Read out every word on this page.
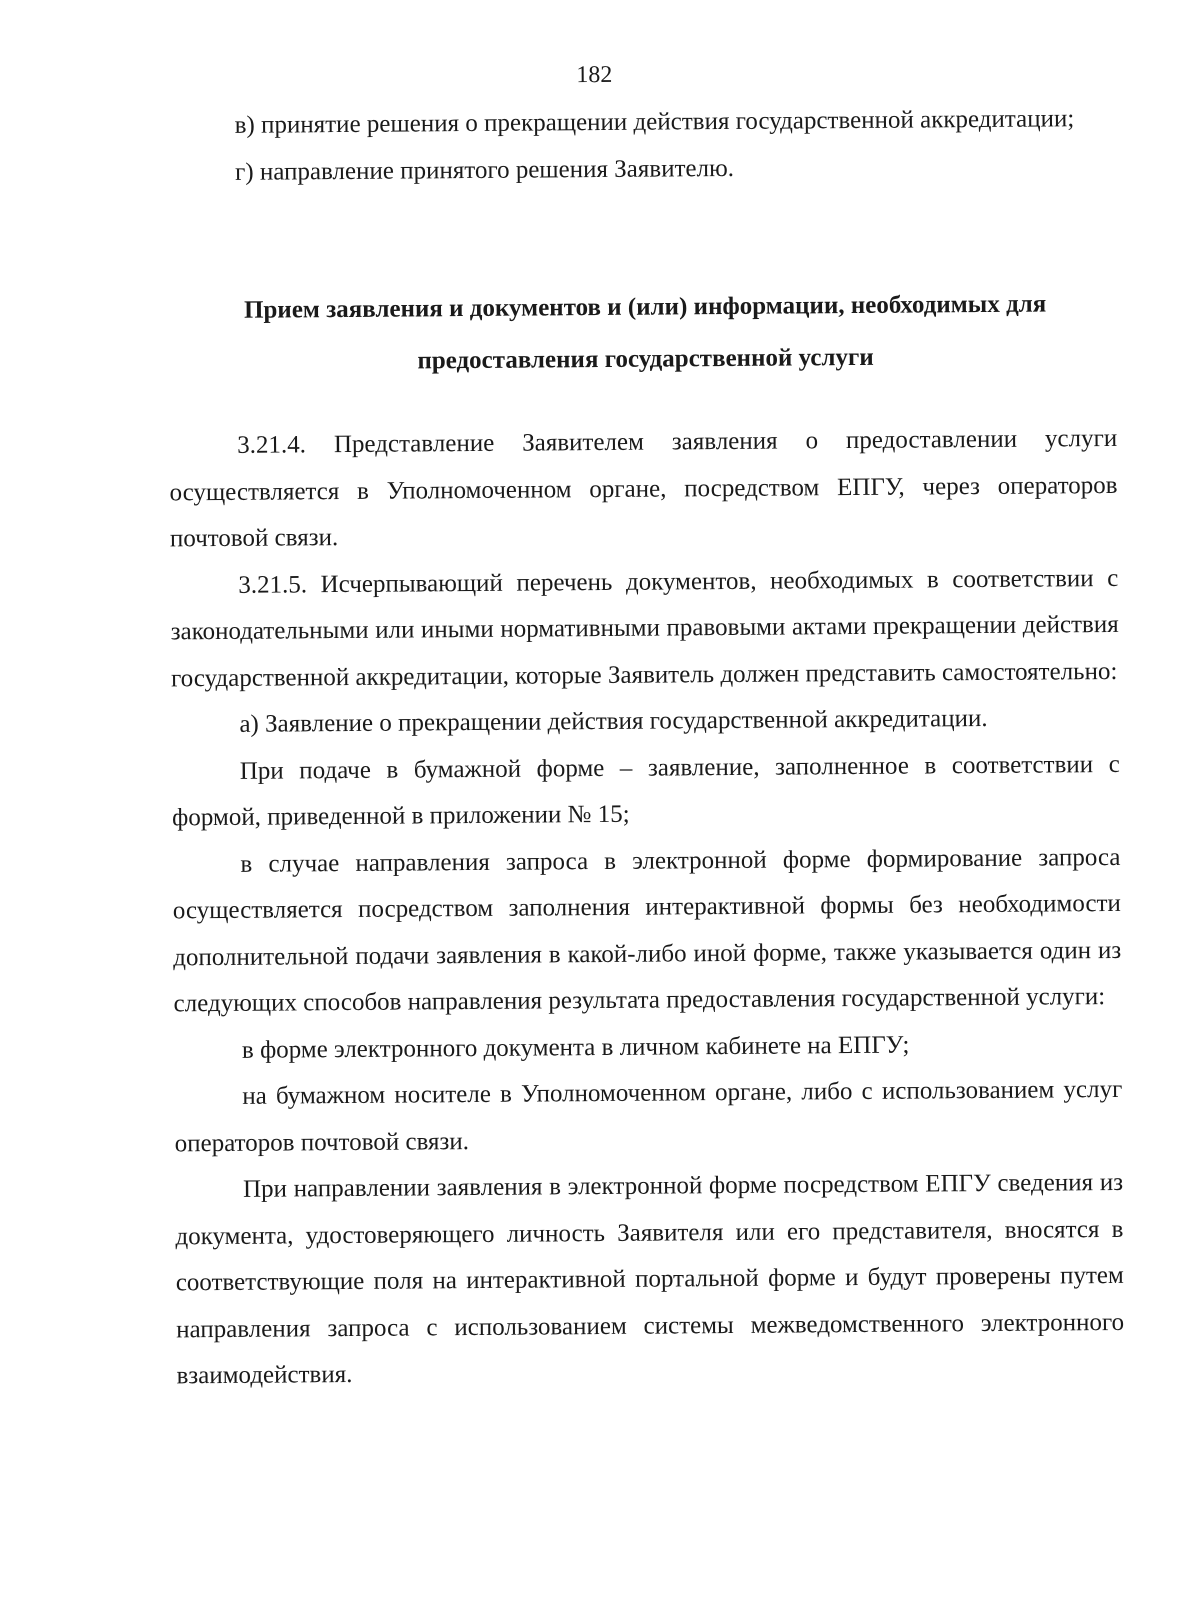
182

в) принятие решения о прекращении действия государственной аккредитации;

г) направление принятого решения Заявителю.

Прием заявления и документов и (или) информации, необходимых для
предоставления государственной услуги

3.21.4. Представление Заявителем заявления о предоставлении услуги осуществляется в Уполномоченном органе, посредством ЕПГУ, через операторов почтовой связи.

3.21.5. Исчерпывающий перечень документов, необходимых в соответствии с законодательными или иными нормативными правовыми актами прекращении действия государственной аккредитации, которые Заявитель должен представить самостоятельно:

а) Заявление о прекращении действия государственной аккредитации.

При подаче в бумажной форме – заявление, заполненное в соответствии с формой, приведенной в приложении № 15;

в случае направления запроса в электронной форме формирование запроса осуществляется посредством заполнения интерактивной формы без необходимости дополнительной подачи заявления в какой-либо иной форме, также указывается один из следующих способов направления результата предоставления государственной услуги:

в форме электронного документа в личном кабинете на ЕПГУ;

на бумажном носителе в Уполномоченном органе, либо с использованием услуг операторов почтовой связи.

При направлении заявления в электронной форме посредством ЕПГУ сведения из документа, удостоверяющего личность Заявителя или его представителя, вносятся в соответствующие поля на интерактивной портальной форме и будут проверены путем направления запроса с использованием системы межведомственного электронного взаимодействия.
